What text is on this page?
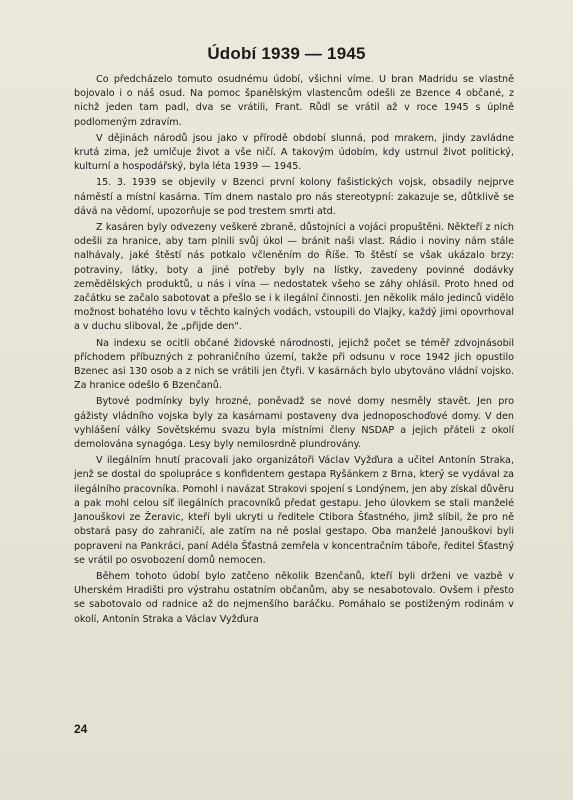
Údobí 1939 — 1945

Co předcházelo tomuto osudnému údobí, všichni víme. U bran Madridu se vlastně bojovalo i o náš osud. Na pomoc španělským vlastencům odešli ze Bzence 4 občané, z nichž jeden tam padl, dva se vrátili, Frant. Růdl se vrátil až v roce 1945 s úplně podlomeným zdravím.

V dějinách národů jsou jako v přírodě období slunná, pod mrakem, jindy zavládne krutá zima, jež umlčuje život a vše ničí. A takovým údobím, kdy ustrnul život politický, kulturní a hospodářský, byla léta 1939 — 1945.

15. 3. 1939 se objevily v Bzenci první kolony fašistických vojsk, obsadily nejprve náměstí a místní kasárna. Tím dnem nastalo pro nás stereotypní: zakazuje se, důtklivě se dává na vědomí, upozorňuje se pod trestem smrti atd.

Z kasáren byly odvezeny veškeré zbraně, důstojníci a vojáci propuštěni. Někteří z nich odešli za hranice, aby tam plnili svůj úkol — bránit naši vlast. Rádio i noviny nám stále nalhávaly, jaké štěstí nás potkalo včleněním do Říše. To štěstí se však ukázalo brzy: potraviny, látky, boty a jiné potřeby byly na lístky, zavedeny povinné dodávky zemědělských produktů, u nás i vína — nedostatek všeho se záhy ohlásil. Proto hned od začátku se začalo sabotovat a přešlo se i k ilegální činnosti. Jen několik málo jedinců vidělo možnost bohatého lovu v těchto kalných vodách, vstoupili do Vlajky, každý jimi opovrhoval a v duchu sliboval, že „přijde den".

Na indexu se ocitli občané židovské národnosti, jejichž počet se téměř zdvojnásobil příchodem příbuzných z pohraničního území, takže při odsunu v roce 1942 jich opustilo Bzenec asi 130 osob a z nich se vrátili jen čtyři. V kasárnách bylo ubytováno vládní vojsko. Za hranice odešlo 6 Bzenčanů.

Bytové podmínky byly hrozné, poněvadž se nové domy nesměly stavět. Jen pro gážisty vládního vojska byly za kasárnami postaveny dva jednoposchoďové domy. V den vyhlášení války Sovětskému svazu byla místními členy NSDAP a jejich přáteli z okolí demolována synagóga. Lesy byly nemilosrdně plundrovány.

V ilegálním hnutí pracovali jako organizátoři Václav Vyžďura a učitel Antonín Straka, jenž se dostal do spolupráce s konfidentem gestapa Ryšánkem z Brna, který se vydával za ilegálního pracovníka. Pomohl i navázat Strakovi spojení s Londýnem, jen aby získal důvěru a pak mohl celou síť ilegálních pracovníků předat gestapu. Jeho úlovkem se stali manželé Janouškovi ze Žeravic, kteří byli ukryti u ředitele Ctibora Šťastného, jimž slíbil, že pro ně obstará pasy do zahraničí, ale zatím na ně poslal gestapo. Oba manželé Janouškovi byli popraveni na Pankráci, paní Adéla Šťastná zemřela v koncentračním táboře, ředitel Šťastný se vrátil po osvobození domů nemocen.

Během tohoto údobí bylo zatčeno několik Bzenčanů, kteří byli drženi ve vazbě v Uherském Hradišti pro výstrahu ostatním občanům, aby se nesabotovalo. Ovšem i přesto se sabotovalo od radnice až do nejmenšího baráčku. Pomáhalo se postiženým rodinám v okolí, Antonín Straka a Václav Vyžďura

24
